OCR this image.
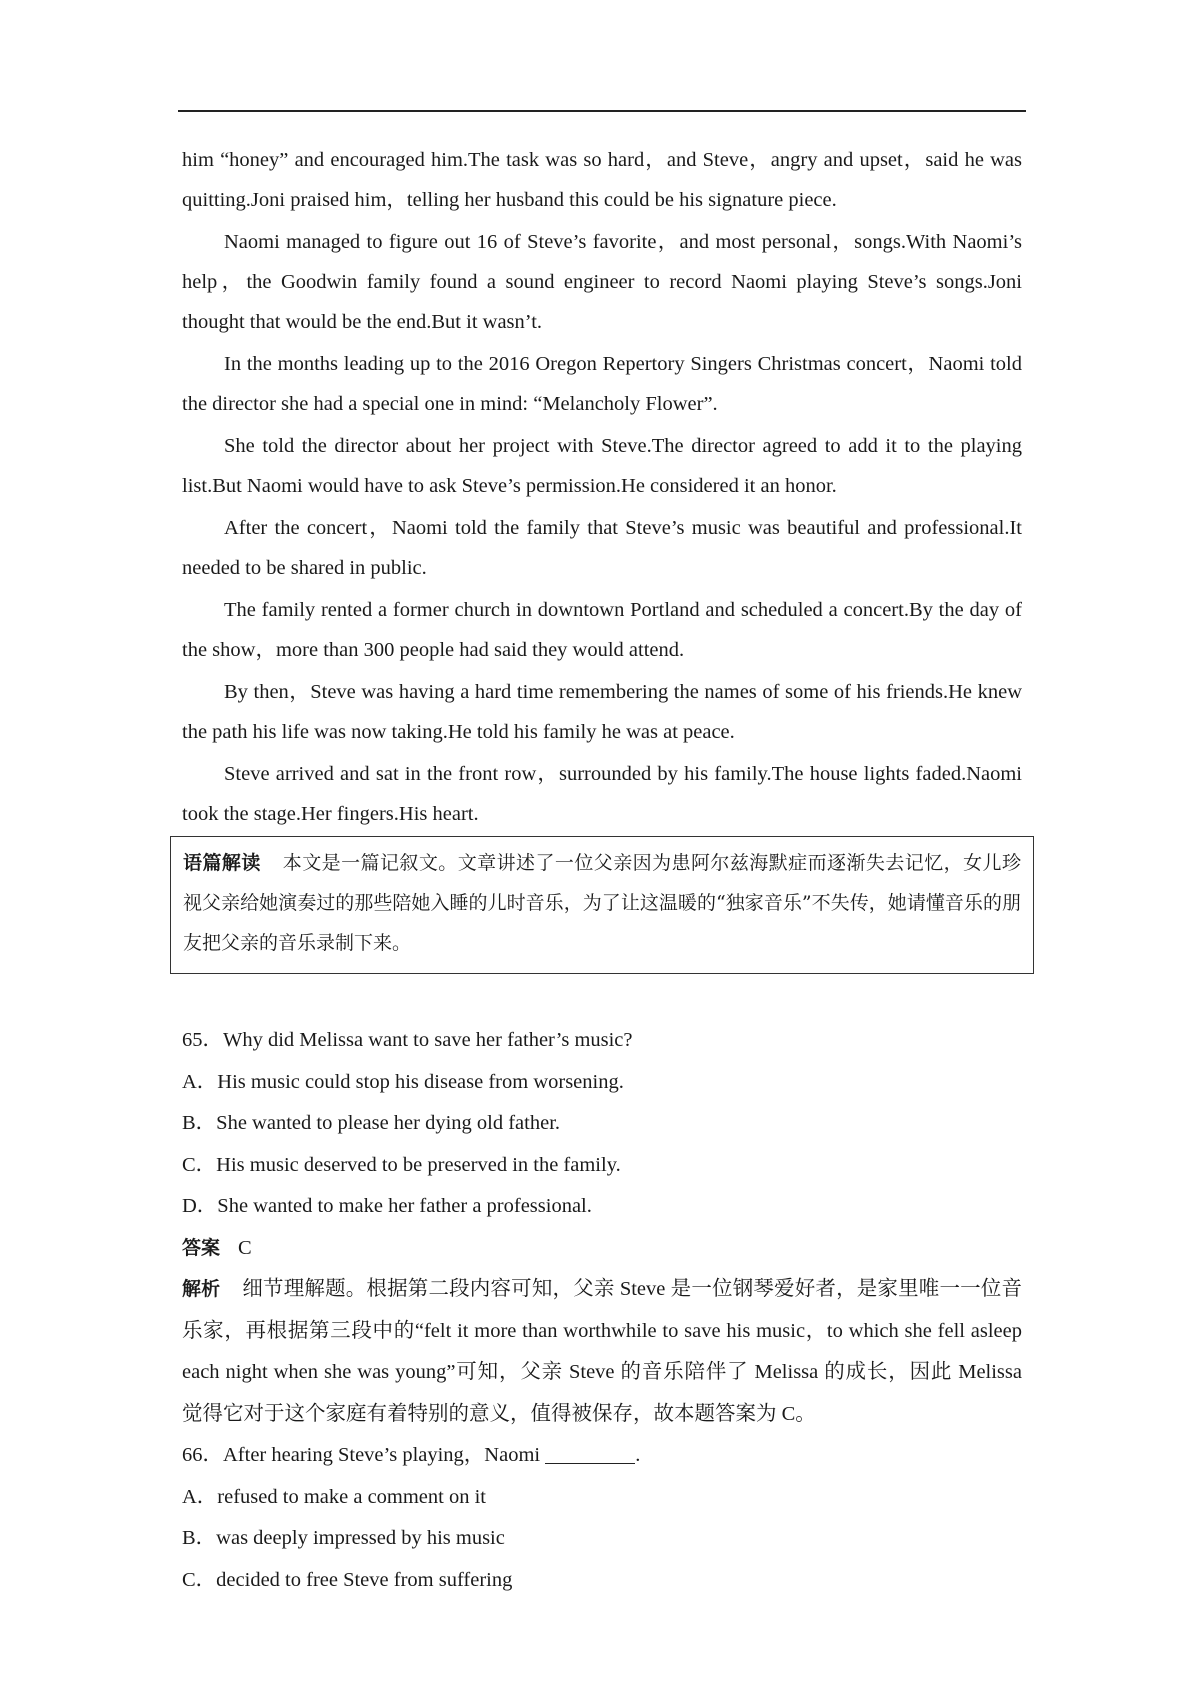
him “honey” and encouraged him.The task was so hard，and Steve，angry and upset，said he was quitting.Joni praised him，telling her husband this could be his signature piece.

Naomi managed to figure out 16 of Steve’s favorite，and most personal，songs.With Naomi’s help，the Goodwin family found a sound engineer to record Naomi playing Steve’s songs.Joni thought that would be the end.But it wasn’t.

In the months leading up to the 2016 Oregon Repertory Singers Christmas concert，Naomi told the director she had a special one in mind: “Melancholy Flower”.

She told the director about her project with Steve.The director agreed to add it to the playing list.But Naomi would have to ask Steve’s permission.He considered it an honor.

After the concert，Naomi told the family that Steve’s music was beautiful and professional.It needed to be shared in public.

The family rented a former church in downtown Portland and scheduled a concert.By the day of the show，more than 300 people had said they would attend.

By then，Steve was having a hard time remembering the names of some of his friends.He knew the path his life was now taking.He told his family he was at peace.

Steve arrived and sat in the front row，surrounded by his family.The house lights faded.Naomi took the stage.Her fingers.His heart.

语篇解读 本文是一篇记叙文。文章讲述了一位父亲因为患阿尔兹海默症而逐渐失去记忆，女儿珍视父亲给她演奏过的那些陪她入睡的儿时音乐，为了让这温暖的“独家音乐”不失传，她请懂音乐的朋友把父亲的音乐录制下来。

65．Why did Melissa want to save her father’s music?

A．His music could stop his disease from worsening.

B．She wanted to please her dying old father.

C．His music deserved to be preserved in the family.

D．She wanted to make her father a professional.

答案 C

解析 细节理解题。根据第二段内容可知，父亲 Steve 是一位钢琴爱好者，是家里唯一一位音乐家，再根据第三段中的“felt it more than worthwhile to save his music，to which she fell asleep each night when she was young”可知，父亲 Steve 的音乐陪伴了 Melissa 的成长，因此 Melissa 觉得它对于这个家庭有着特别的意义，值得被保存，故本题答案为 C。

66．After hearing Steve’s playing，Naomi	.

A．refused to make a comment on it

B．was deeply impressed by his music

C．decided to free Steve from suffering
